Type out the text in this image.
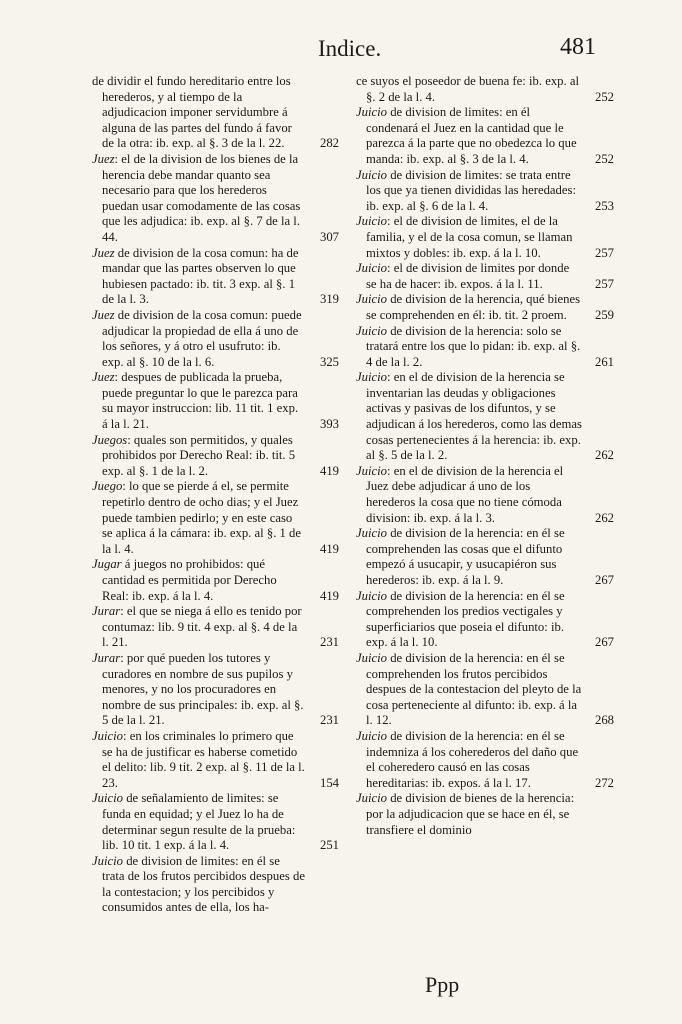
Indice.	481
de dividir el fundo hereditario entre los herederos, y al tiempo de la adjudicacion imponer servidumbre á alguna de las partes del fundo á favor de la otra: ib. exp. al §. 3 de la l. 22.	282
Juez: el de la division de los bienes de la herencia debe mandar quanto sea necesario para que los herederos puedan usar comodamente de las cosas que les adjudica: ib. exp. al §. 7 de la l. 44.	307
Juez de division de la cosa comun: ha de mandar que las partes observen lo que hubiesen pactado: ib. tit. 3 exp. al §. 1 de la l. 3.	319
Juez de division de la cosa comun: puede adjudicar la propiedad de ella á uno de los señores, y á otro el usufruto: ib. exp. al §. 10 de la l. 6.	325
Juez: despues de publicada la prueba, puede preguntar lo que le parezca para su mayor instruccion: lib. 11 tit. 1 exp. á la l. 21.	393
Juegos: quales son permitidos, y quales prohibidos por Derecho Real: ib. tit. 5 exp. al §. 1 de la l. 2.	419
Juego: lo que se pierde á el, se permite repetirlo dentro de ocho dias; y el Juez puede tambien pedirlo; y en este caso se aplica á la cámara: ib. exp. al §. 1 de la l. 4.	419
Jugar á juegos no prohibidos: qué cantidad es permitida por Derecho Real: ib. exp. á la l. 4.	419
Jurar: el que se niega á ello es tenido por contumaz: lib. 9 tit. 4 exp. al §. 4 de la l. 21.	231
Jurar: por qué pueden los tutores y curadores en nombre de sus pupilos y menores, y no los procuradores en nombre de sus principales: ib. exp. al §. 5 de la l. 21.	231
Juicio: en los criminales lo primero que se ha de justificar es haberse cometido el delito: lib. 9 tit. 2 exp. al §. 11 de la l. 23.	154
Juicio de señalamiento de limites: se funda en equidad; y el Juez lo ha de determinar segun resulte de la prueba: lib. 10 tit. 1 exp. á la l. 4.	251
Juicio de division de limites: en él se trata de los frutos percibidos despues de la contestacion; y los percibidos y consumidos antes de ella, los ha-
ce suyos el poseedor de buena fe: ib. exp. al §. 2 de la l. 4.	252
Juicio de division de limites: en él condenará el Juez en la cantidad que le parezca á la parte que no obedezca lo que manda: ib. exp. al §. 3 de la l. 4.	252
Juicio de division de limites: se trata entre los que ya tienen divididas las heredades: ib. exp. al §. 6 de la l. 4.	253
Juicio: el de division de limites, el de la familia, y el de la cosa comun, se llaman mixtos y dobles: ib. exp. á la l. 10.	257
Juicio: el de division de limites por donde se ha de hacer: ib. expos. á la l. 11.	257
Juicio de division de la herencia, qué bienes se comprehenden en él: ib. tit. 2 proem.	259
Juicio de division de la herencia: solo se tratará entre los que lo pidan: ib. exp. al §. 4 de la l. 2.	261
Juicio: en el de division de la herencia se inventarian las deudas y obligaciones activas y pasivas de los difuntos, y se adjudican á los herederos, como las demas cosas pertenecientes á la herencia: ib. exp. al §. 5 de la l. 2.	262
Juicio: en el de division de la herencia el Juez debe adjudicar á uno de los herederos la cosa que no tiene cómoda division: ib. exp. á la l. 3.	262
Juicio de division de la herencia: en él se comprehenden las cosas que el difunto empezó á usucapir, y usucapiéron sus herederos: ib. exp. á la l. 9.	267
Juicio de division de la herencia: en él se comprehenden los predios vectigales y superficiarios que poseia el difunto: ib. exp. á la l. 10.	267
Juicio de division de la herencia: en él se comprehenden los frutos percibidos despues de la contestacion del pleyto de la cosa perteneciente al difunto: ib. exp. á la l. 12.	268
Juicio de division de la herencia: en él se indemniza á los coherederos del daño que el coheredero causó en las cosas hereditarias: ib. expos. á la l. 17.	272
Juicio de division de bienes de la herencia: por la adjudicacion que se hace en él, se transfiere el dominio
Ppp
